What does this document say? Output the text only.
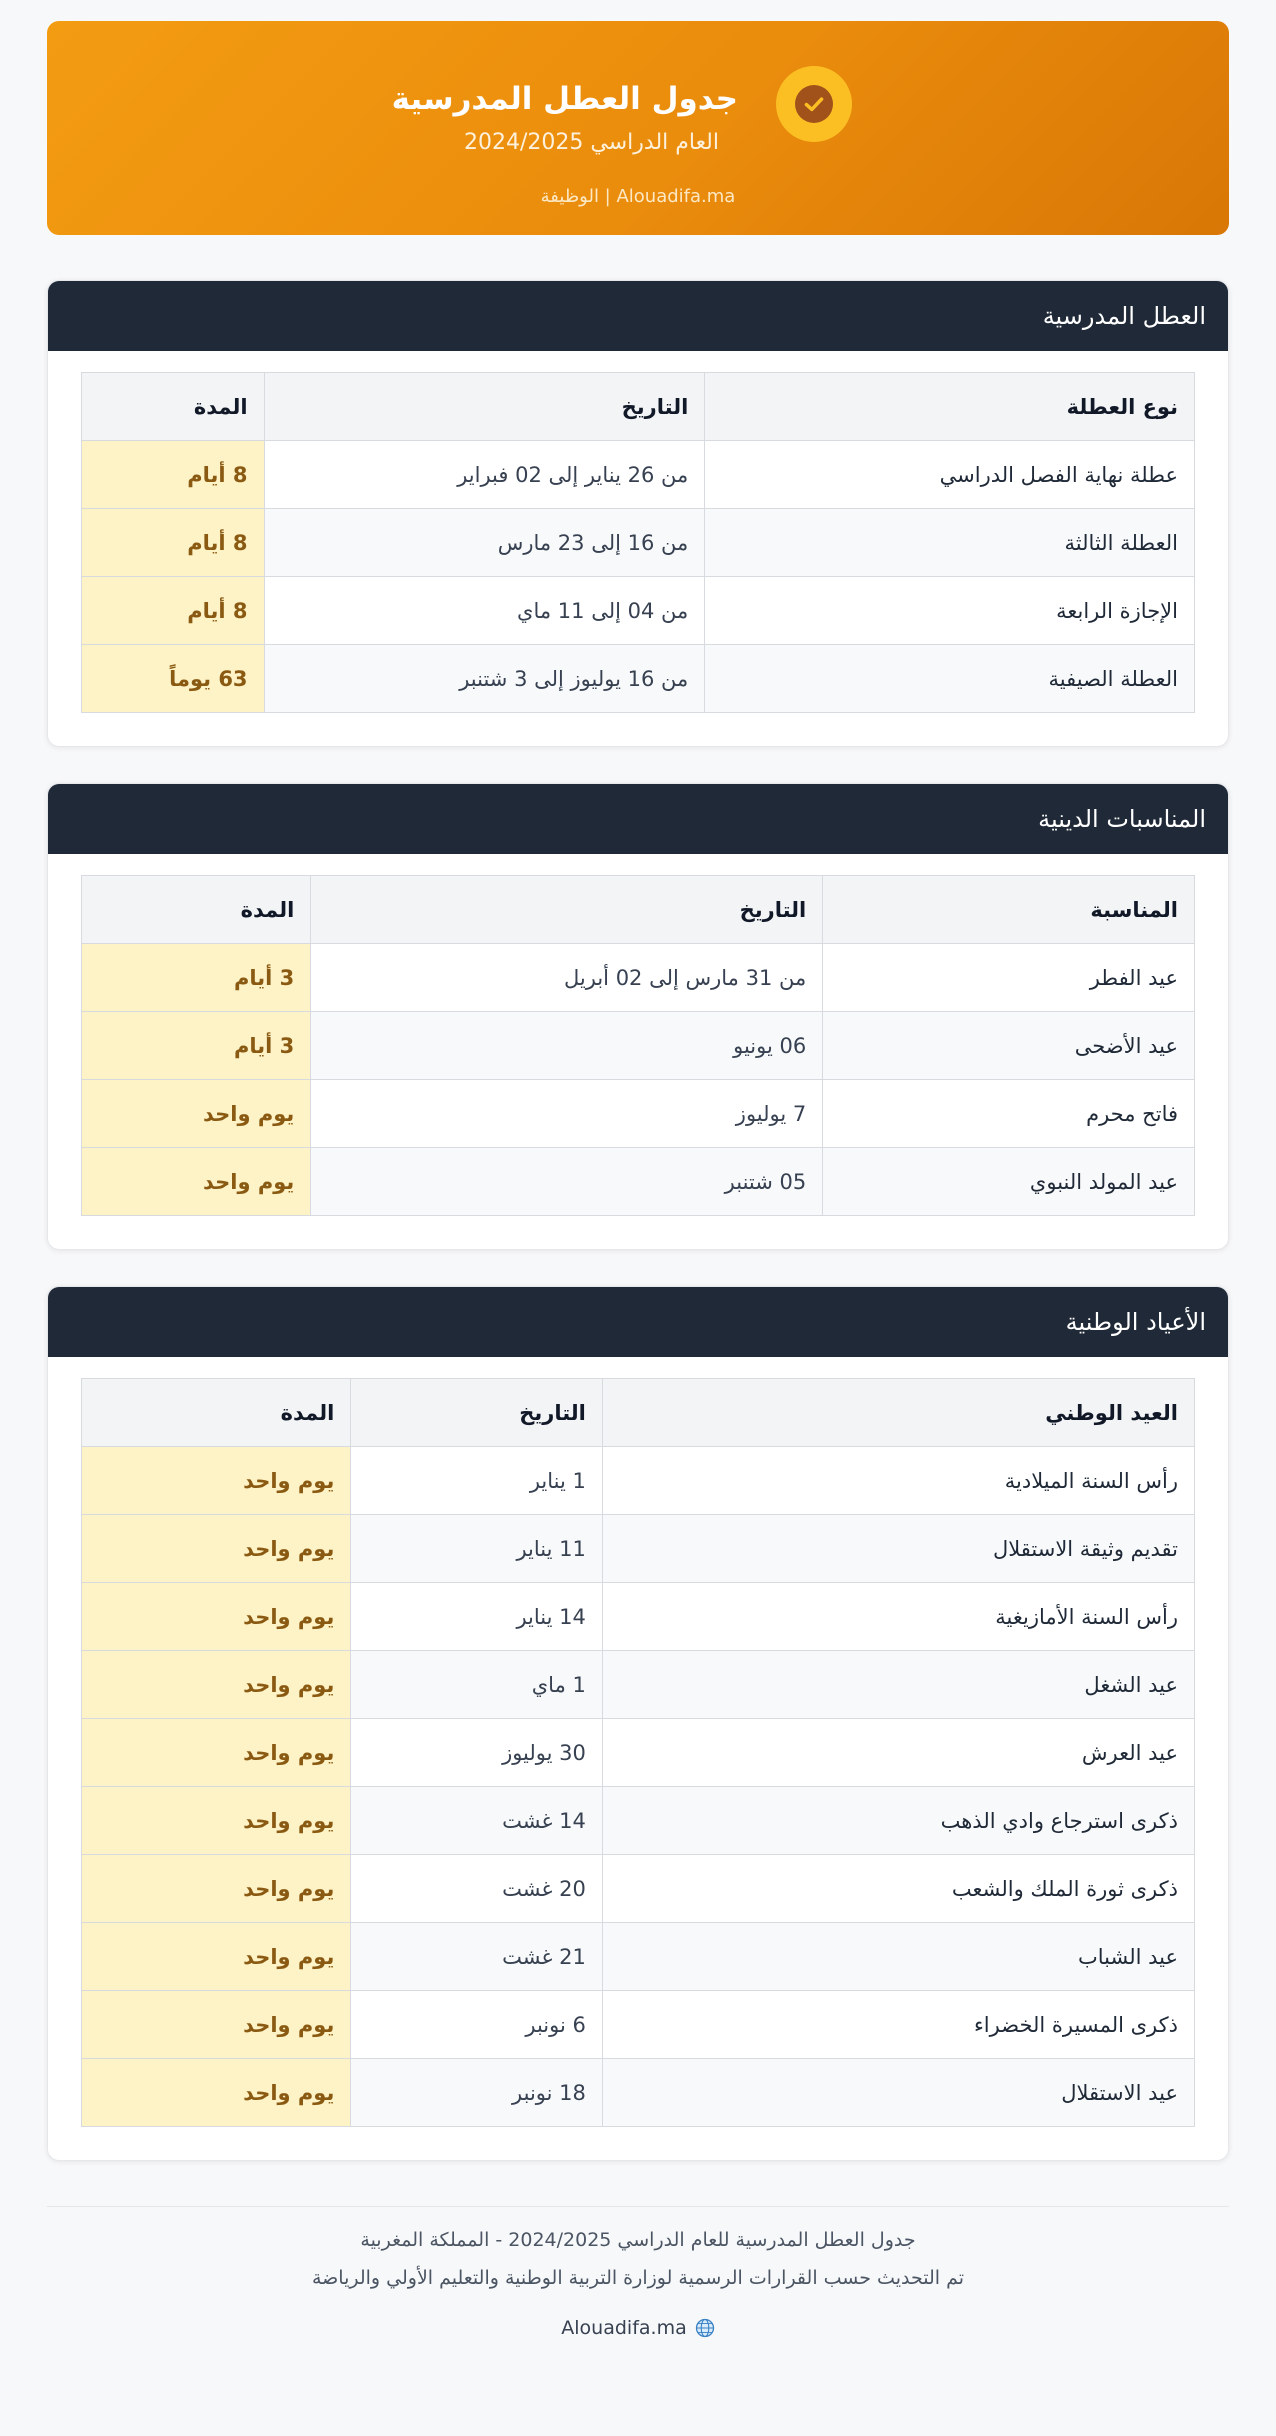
جدول العطل المدرسية
العام الدراسي 2024/2025
Alouadifa.ma | الوظيفة
العطل المدرسية
نوع العطلة	التاريخ	المدة
عطلة نهاية الفصل الدراسي	من 26 يناير إلى 02 فبراير	8 أيام
العطلة الثالثة	من 16 إلى 23 مارس	8 أيام
الإجازة الرابعة	من 04 إلى 11 ماي	8 أيام
العطلة الصيفية	من 16 يوليوز إلى 3 شتنبر	63 يوماً
المناسبات الدينية
المناسبة	التاريخ	المدة
عيد الفطر	من 31 مارس إلى 02 أبريل	3 أيام
عيد الأضحى	06 يونيو	3 أيام
فاتح محرم	7 يوليوز	يوم واحد
عيد المولد النبوي	05 شتنبر	يوم واحد
الأعياد الوطنية
العيد الوطني	التاريخ	المدة
رأس السنة الميلادية	1 يناير	يوم واحد
تقديم وثيقة الاستقلال	11 يناير	يوم واحد
رأس السنة الأمازيغية	14 يناير	يوم واحد
عيد الشغل	1 ماي	يوم واحد
عيد العرش	30 يوليوز	يوم واحد
ذكرى استرجاع وادي الذهب	14 غشت	يوم واحد
ذكرى ثورة الملك والشعب	20 غشت	يوم واحد
عيد الشباب	21 غشت	يوم واحد
ذكرى المسيرة الخضراء	6 نونبر	يوم واحد
عيد الاستقلال	18 نونبر	يوم واحد
جدول العطل المدرسية للعام الدراسي 2024/2025 - المملكة المغربية
تم التحديث حسب القرارات الرسمية لوزارة التربية الوطنية والتعليم الأولي والرياضة
Alouadifa.ma
